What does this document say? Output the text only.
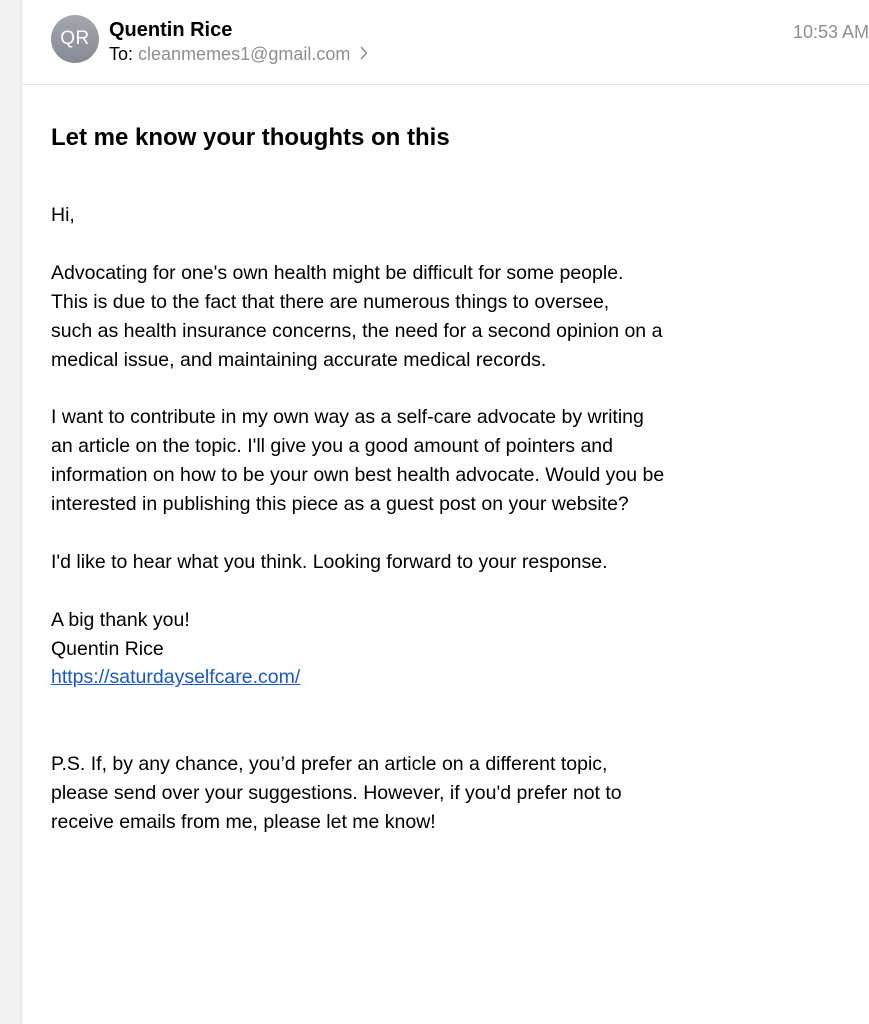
QR Quentin Rice
To: cleanmemes1@gmail.com
10:53 AM
Let me know your thoughts on this

Hi,

Advocating for one's own health might be difficult for some people.

This is due to the fact that there are numerous things to oversee,

such as health insurance concerns, the need for a second opinion on a

medical issue, and maintaining accurate medical records.

I want to contribute in my own way as a self-care advocate by writing

an article on the topic. I'll give you a good amount of pointers and

information on how to be your own best health advocate. Would you be

interested in publishing this piece as a guest post on your website?

I'd like to hear what you think. Looking forward to your response.

A big thank you!

Quentin Rice

https://saturdayselfcare.com/

P.S. If, by any chance, you’d prefer an article on a different topic,

please send over your suggestions. However, if you'd prefer not to

receive emails from me, please let me know!
